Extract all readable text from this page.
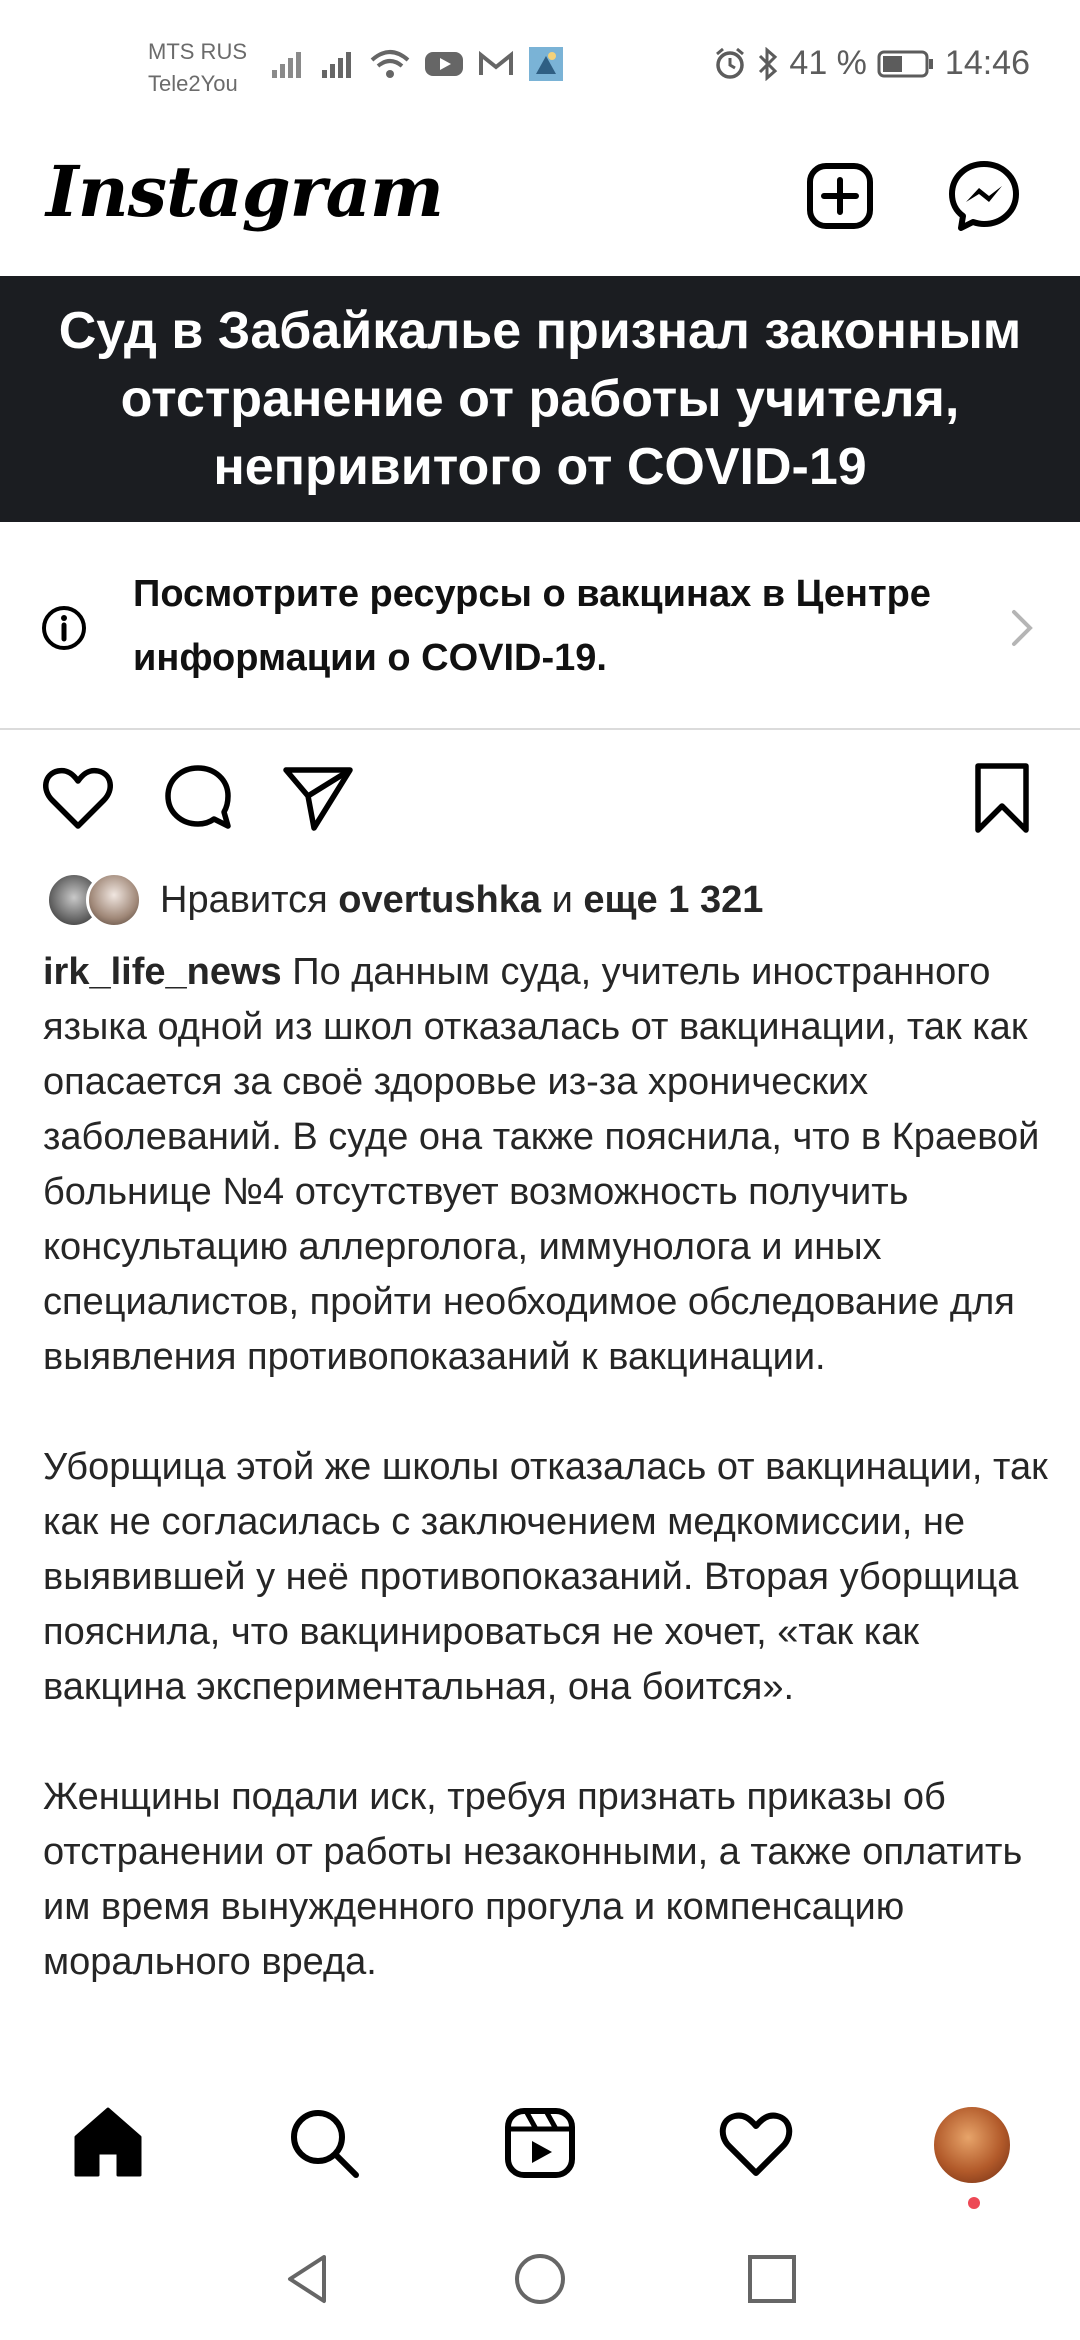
MTS RUS
Tele2You
41 % 14:46
Instagram
Суд в Забайкалье признал законным отстранение от работы учителя, непривитого от COVID-19
Посмотрите ресурсы о вакцинах в Центре информации о COVID-19.
Нравится overtushka и еще 1 321

irk_life_news По данным суда, учитель иностранного языка одной из школ отказалась от вакцинации, так как опасается за своё здоровье из-за хронических заболеваний. В суде она также пояснила, что в Краевой больнице №4 отсутствует возможность получить консультацию аллерголога, иммунолога и иных специалистов, пройти необходимое обследование для выявления противопоказаний к вакцинации.

Уборщица этой же школы отказалась от вакцинации, так как не согласилась с заключением медкомиссии, не выявившей у неё противопоказаний. Вторая уборщица пояснила, что вакцинироваться не хочет, «так как вакцина экспериментальная, она боится».

Женщины подали иск, требуя признать приказы об отстранении от работы незаконными, а также оплатить им время вынужденного прогула и компенсацию морального вреда.
